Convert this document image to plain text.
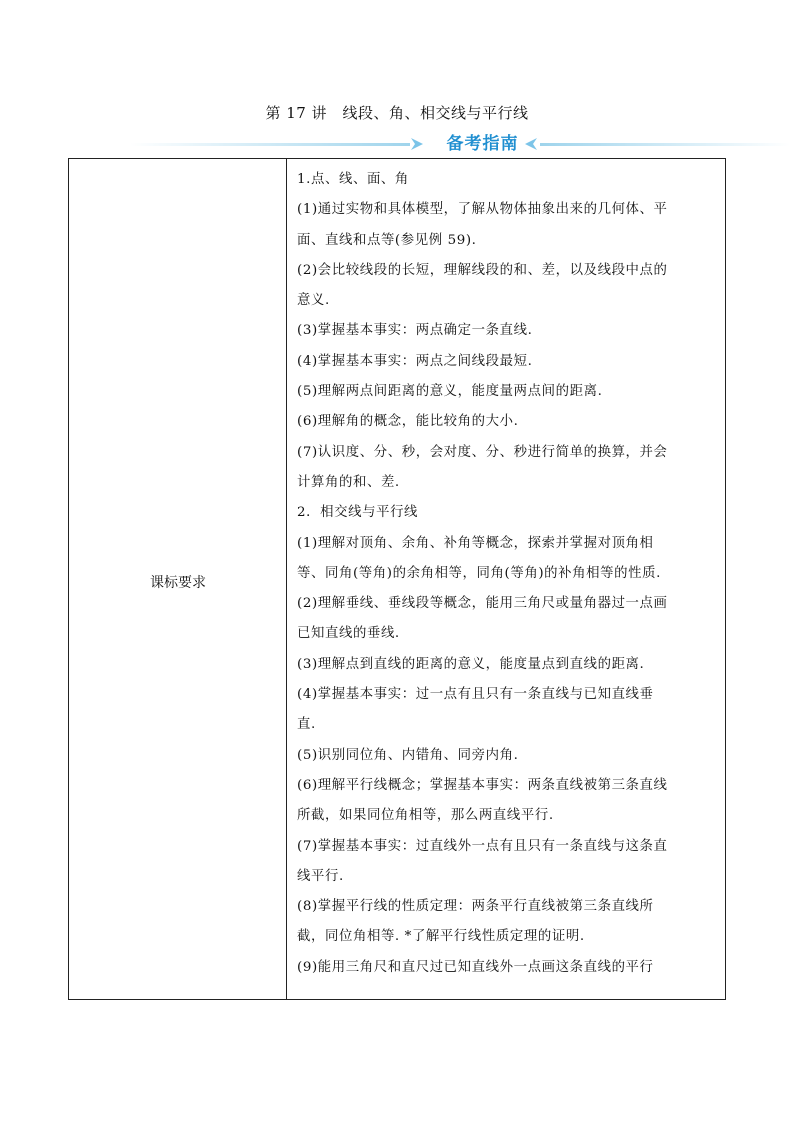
第 17 讲　线段、角、相交线与平行线
备考指南
课标要求
1.点、线、面、角
(1)通过实物和具体模型，了解从物体抽象出来的几何体、平
面、直线和点等(参见例 59).
(2)会比较线段的长短，理解线段的和、差，以及线段中点的
意义.
(3)掌握基本事实：两点确定一条直线.
(4)掌握基本事实：两点之间线段最短.
(5)理解两点间距离的意义，能度量两点间的距离.
(6)理解角的概念，能比较角的大小.
(7)认识度、分、秒，会对度、分、秒进行简单的换算，并会
计算角的和、差.
2．相交线与平行线
(1)理解对顶角、余角、补角等概念，探索并掌握对顶角相
等、同角(等角)的余角相等，同角(等角)的补角相等的性质.
(2)理解垂线、垂线段等概念，能用三角尺或量角器过一点画
已知直线的垂线.
(3)理解点到直线的距离的意义，能度量点到直线的距离.
(4)掌握基本事实：过一点有且只有一条直线与已知直线垂
直.
(5)识别同位角、内错角、同旁内角.
(6)理解平行线概念；掌握基本事实：两条直线被第三条直线
所截，如果同位角相等，那么两直线平行.
(7)掌握基本事实：过直线外一点有且只有一条直线与这条直
线平行.
(8)掌握平行线的性质定理：两条平行直线被第三条直线所
截，同位角相等. *了解平行线性质定理的证明.
(9)能用三角尺和直尺过已知直线外一点画这条直线的平行
